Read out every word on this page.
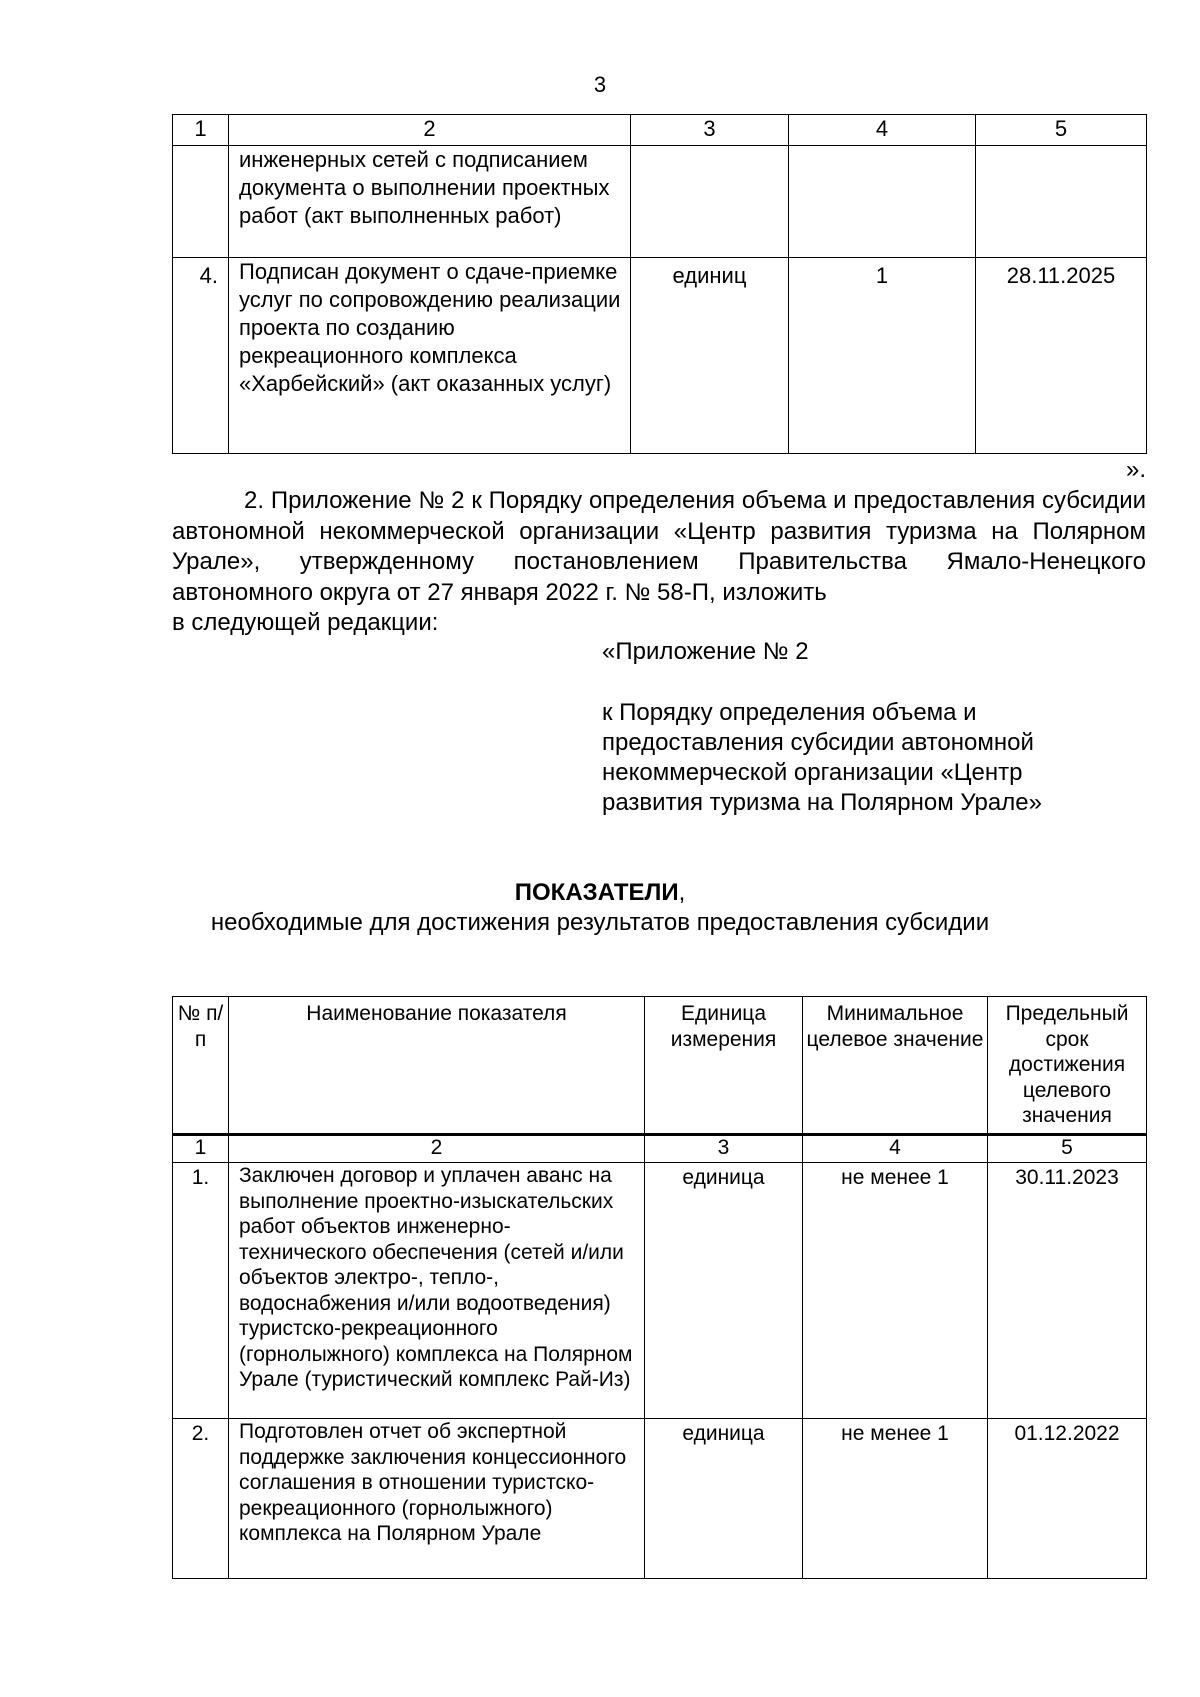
3
1	2	3	4	5
	инженерных сетей с подписанием документа о выполнении проектных работ (акт выполненных работ)			
4.	Подписан документ о сдаче-приемке услуг по сопровождению реализации проекта по созданию рекреационного комплекса «Харбейский» (акт оказанных услуг)	единиц	1	28.11.2025
».
2. Приложение № 2 к Порядку определения объема и предоставления субсидии автономной некоммерческой организации «Центр развития туризма на Полярном Урале», утвержденному постановлением Правительства Ямало-Ненецкого автономного округа от 27 января 2022 г. № 58-П, изложить
в следующей редакции:
«Приложение № 2
к Порядку определения объема и предоставления субсидии автономной некоммерческой организации «Центр развития туризма на Полярном Урале»
ПОКАЗАТЕЛИ,
необходимые для достижения результатов предоставления субсидии
№ п/п	Наименование показателя	Единица измерения	Минимальное целевое значение	Предельный срок достижения целевого значения
1	2	3	4	5
1.	Заключен договор и уплачен аванс на выполнение проектно-изыскательских работ объектов инженерно-технического обеспечения (сетей и/или объектов электро-, тепло-, водоснабжения и/или водоотведения) туристско-рекреационного (горнолыжного) комплекса на Полярном Урале (туристический комплекс Рай-Из)	единица	не менее 1	30.11.2023
2.	Подготовлен отчет об экспертной поддержке заключения концессионного соглашения в отношении туристско-рекреационного (горнолыжного) комплекса на Полярном Урале	единица	не менее 1	01.12.2022
